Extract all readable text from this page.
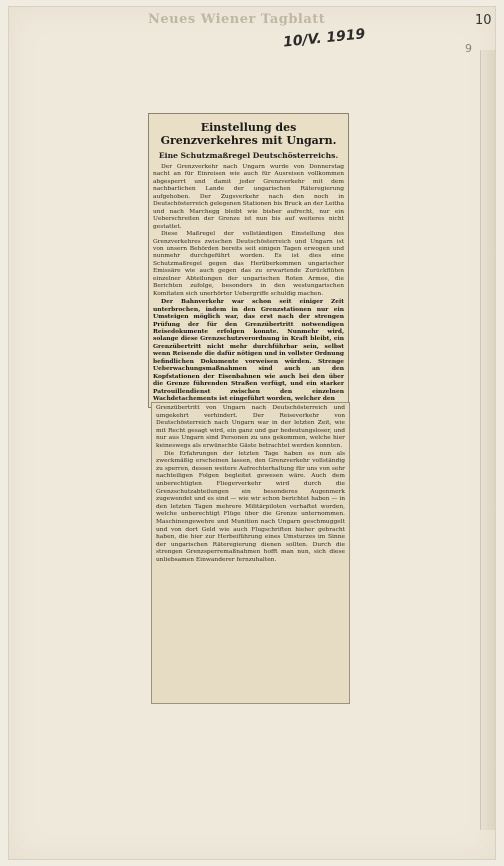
Neues Wiener Tagblatt
10/V. 1919
10
9
Einstellung des Grenzverkehres mit Ungarn.
Eine Schutzmaßregel Deutschösterreichs.

Der Grenzverkehr nach Ungarn wurde von Donnerstag nacht an für Einreisen wie auch für Ausreisen vollkommen abgesperrt und damit jeder Grenzverkehr mit dem nachbarlichen Lande der ungarischen Räteregierung aufgehoben. Der Zugsverkehr nach den noch in Deutschösterreich gelegenen Stationen bis Bruck an der Leitha und nach Marchegg bleibt wie bisher aufrecht, nur ein Ueberschreiten der Grenze ist nun bis auf weiteres nicht gestattet.

Diese Maßregel der vollständigen Einstellung des Grenzverkehres zwischen Deutschösterreich und Ungarn ist von unsern Behörden bereits seit einigen Tagen erwogen und nunmehr durchgeführt worden. Es ist dies eine Schutzmaßregel gegen das Herüberkommen ungarischer Emissäre wie auch gegen das zu erwartende Zurückflüten einzelner Abteilungen der ungarischen Roten Armee, die Berichten zufolge, besonders in den westungarischen Komitaten sich unerhörter Uebergriffe schuldig machen.

Der Bahnverkehr war schon seit einiger Zeit unterbrochen, indem in den Grenzstationen nur ein Umsteigen möglich war, das erst nach der strengen Prüfung der für den Grenzübertritt notwendigen Reisedokumente erfolgen konnte. Nunmehr wird, solange diese Grenzschutzverordnung in Kraft bleibt, ein Grenzübertritt nicht mehr durchführbar sein, selbst wenn Reisende die dafür nötigen und in vollster Ordnung befindlichen Dokumente vorweisen würden. Strenge Ueberwachungsmaßnahmen sind auch an den Kopfstationen der Eisenbahnen wie auch bei den über die Grenze führenden Straßen verfügt, und ein starker Patrouillendienst zwischen den einzelnen Wachdetachements ist eingeführt worden, welcher den

Grenzübertritt von Ungarn nach Deutschösterreich und umgekehrt verhindert. Der Reiseverkehr von Deutschösterreich nach Ungarn war in der letzten Zeit, wie mit Recht gesagt wird, ein ganz und gar bedeutungsloser, und nur aus Ungarn sind Personen zu uns gekommen, welche hier keineswegs als erwünschte Gäste betrachtet werden konnten.

Die Erfahrungen der letzten Tage haben es nun als zweckmäßig erscheinen lassen, den Grenzverkehr vollständig zu sperren, dessen weitere Aufrechterhaltung für uns von sehr nachteiligen Folgen begleitet gewesen wäre. Auch dem unberechtigten Fliegerverkehr wird durch die Grenzschutzabteilungen ein besonderes Augenmerk zugewendet und es sind — wie wir schon berichtet haben — in den letzten Tagen mehrere Militärpiloten verhaftet worden, welche unberechtigt Flüge über die Grenze unternommen. Maschinengewehre und Munition nach Ungarn geschmuggelt und von dort Geld wie auch Flugschriften hieher gebracht haben, die hier zur Herbeiführung eines Umsturzes im Sinne der ungarischen Räteregierung dienen sollten. Durch die strengen Grenzsperremaßnahmen hofft man nun, sich diese unliebsamen Einwanderer fernzuhalten.
